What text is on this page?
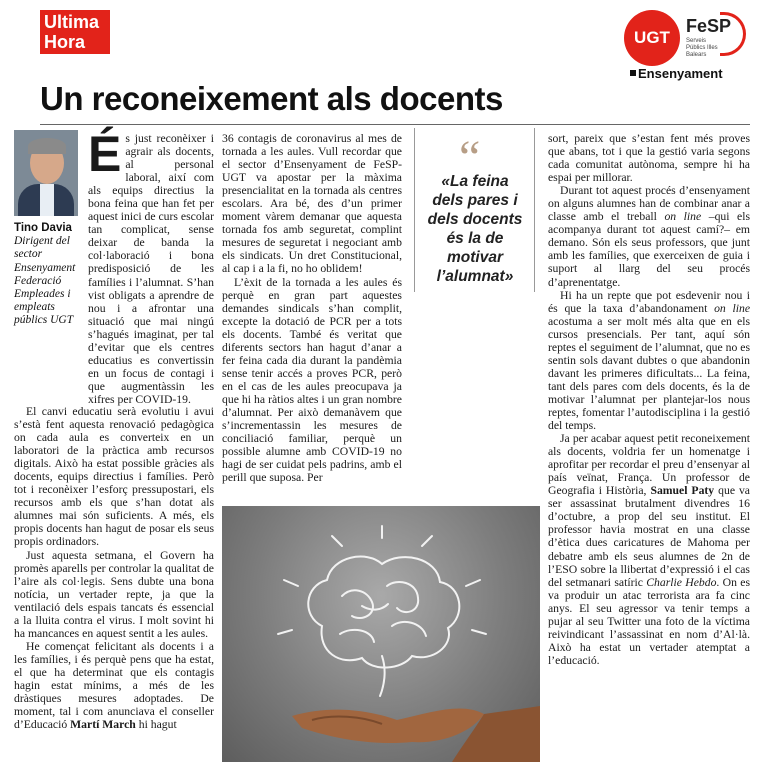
Ultima
Hora	UGT
FeSP
Serveis Públics Illes Balears
Ensenyament
Un reconeixement als docents
Tino Davia
Dirigent del sector Ensenyament Federació Empleades i empleats públics UGT

És just reconèixer i agrair als docents, al personal laboral, així com als equips directius la bona feina que han fet per aquest inici de curs escolar tan complicat, sense deixar de banda la col·laboració i bona predisposició de les famílies i l’alumnat. S’han vist obligats a aprendre de nou i a afrontar una situació que mai ningú s’hagués imaginat, per tal d’evitar que els centres educatius es convertissin en un focus de contagi i que augmentàssin les xifres per COVID-19.

El canvi educatiu serà evolutiu i avui s’està fent aquesta renovació pedagògica on cada aula es converteix en un laboratori de la pràctica amb recursos digitals. Això ha estat possible gràcies als docents, equips directius i famílies. Però tot i reconèixer l’esforç pressupostari, els recursos amb els que s’han dotat als alumnes mai són suficients. A més, els propis docents han hagut de posar els seus propis ordinadors.

Just aquesta setmana, el Govern ha promès aparells per controlar la qualitat de l’aire als col·legis. Sens dubte una bona notícia, un vertader repte, ja que la ventilació dels espais tancats és essencial a la lluita contra el virus. I molt sovint hi ha mancances en aquest sentit a les aules.

He començat felicitant als docents i a les famílies, i és perquè pens que ha estat, el que ha determinat que els contagis hagin estat mínims, a més de les dràstiques mesures adoptades. De moment, tal i com anunciava el conseller d’Educació Martí March hi hagut

36 contagis de coronavirus al mes de tornada a les aules. Vull recordar que el sector d’Ensenyament de FeSP-UGT va apostar per la màxima presencialitat en la tornada als centres escolars. Ara bé, des d’un primer moment vàrem demanar que aquesta tornada fos amb seguretat, complint mesures de seguretat i negociant amb els sindicats. Un dret Constitucional, al cap i a la fi, no ho oblidem!

L’èxit de la tornada a les aules és perquè en gran part aquestes demandes sindicals s’han complit, excepte la dotació de PCR per a tots els docents. També és veritat que diferents sectors han hagut d’anar a fer feina cada dia durant la pandèmia sense tenir accés a proves PCR, però en el cas de les aules preocupava ja que hi ha ràtios altes i un gran nombre d’alumnat. Per això demanàvem que s’incrementassin les mesures de conciliació familiar, perquè un possible alumne amb COVID-19 no hagi de ser cuidat pels padrins, amb el perill que suposa. Per

“
«La feina dels pares i dels docents és la de motivar l’alumnat»

sort, pareix que s’estan fent més proves que abans, tot i que la gestió varia segons cada comunitat autònoma, sempre hi ha espai per millorar.

Durant tot aquest procés d’ensenyament on alguns alumnes han de combinar anar a classe amb el treball on line –qui els acompanya durant tot aquest camí?– em demano. Són els seus professors, que junt amb les famílies, que exerceixen de guia i suport al llarg del seu procés d’aprenentatge.

Hi ha un repte que pot esdevenir nou i és que la taxa d’abandonament on line acostuma a ser molt més alta que en els cursos presencials. Per tant, aquí són reptes el seguiment de l’alumnat, que no es sentin sols davant dubtes o que abandonin davant les primeres dificultats... La feina, tant dels pares com dels docents, és la de motivar l’alumnat per plantejar-los nous reptes, fomentar l’autodisciplina i la gestió del temps.

Ja per acabar aquest petit reconeixement als docents, voldria fer un homenatge i aprofitar per recordar el preu d’ensenyar al país veïnat, França. Un professor de Geografia i Història, Samuel Paty que va ser assassinat brutalment divendres 16 d’octubre, a prop del seu institut. El professor havia mostrat en una classe d’ètica dues caricatures de Mahoma per debatre amb els seus alumnes de 2n de l’ESO sobre la llibertat d’expressió i el cas del setmanari satíric Charlie Hebdo. On es va produir un atac terrorista ara fa cinc anys. El seu agressor va tenir temps a pujar al seu Twitter una foto de la víctima reivindicant l’assassinat en nom d’Al·là. Això ha estat un vertader atemptat a l’educació.
